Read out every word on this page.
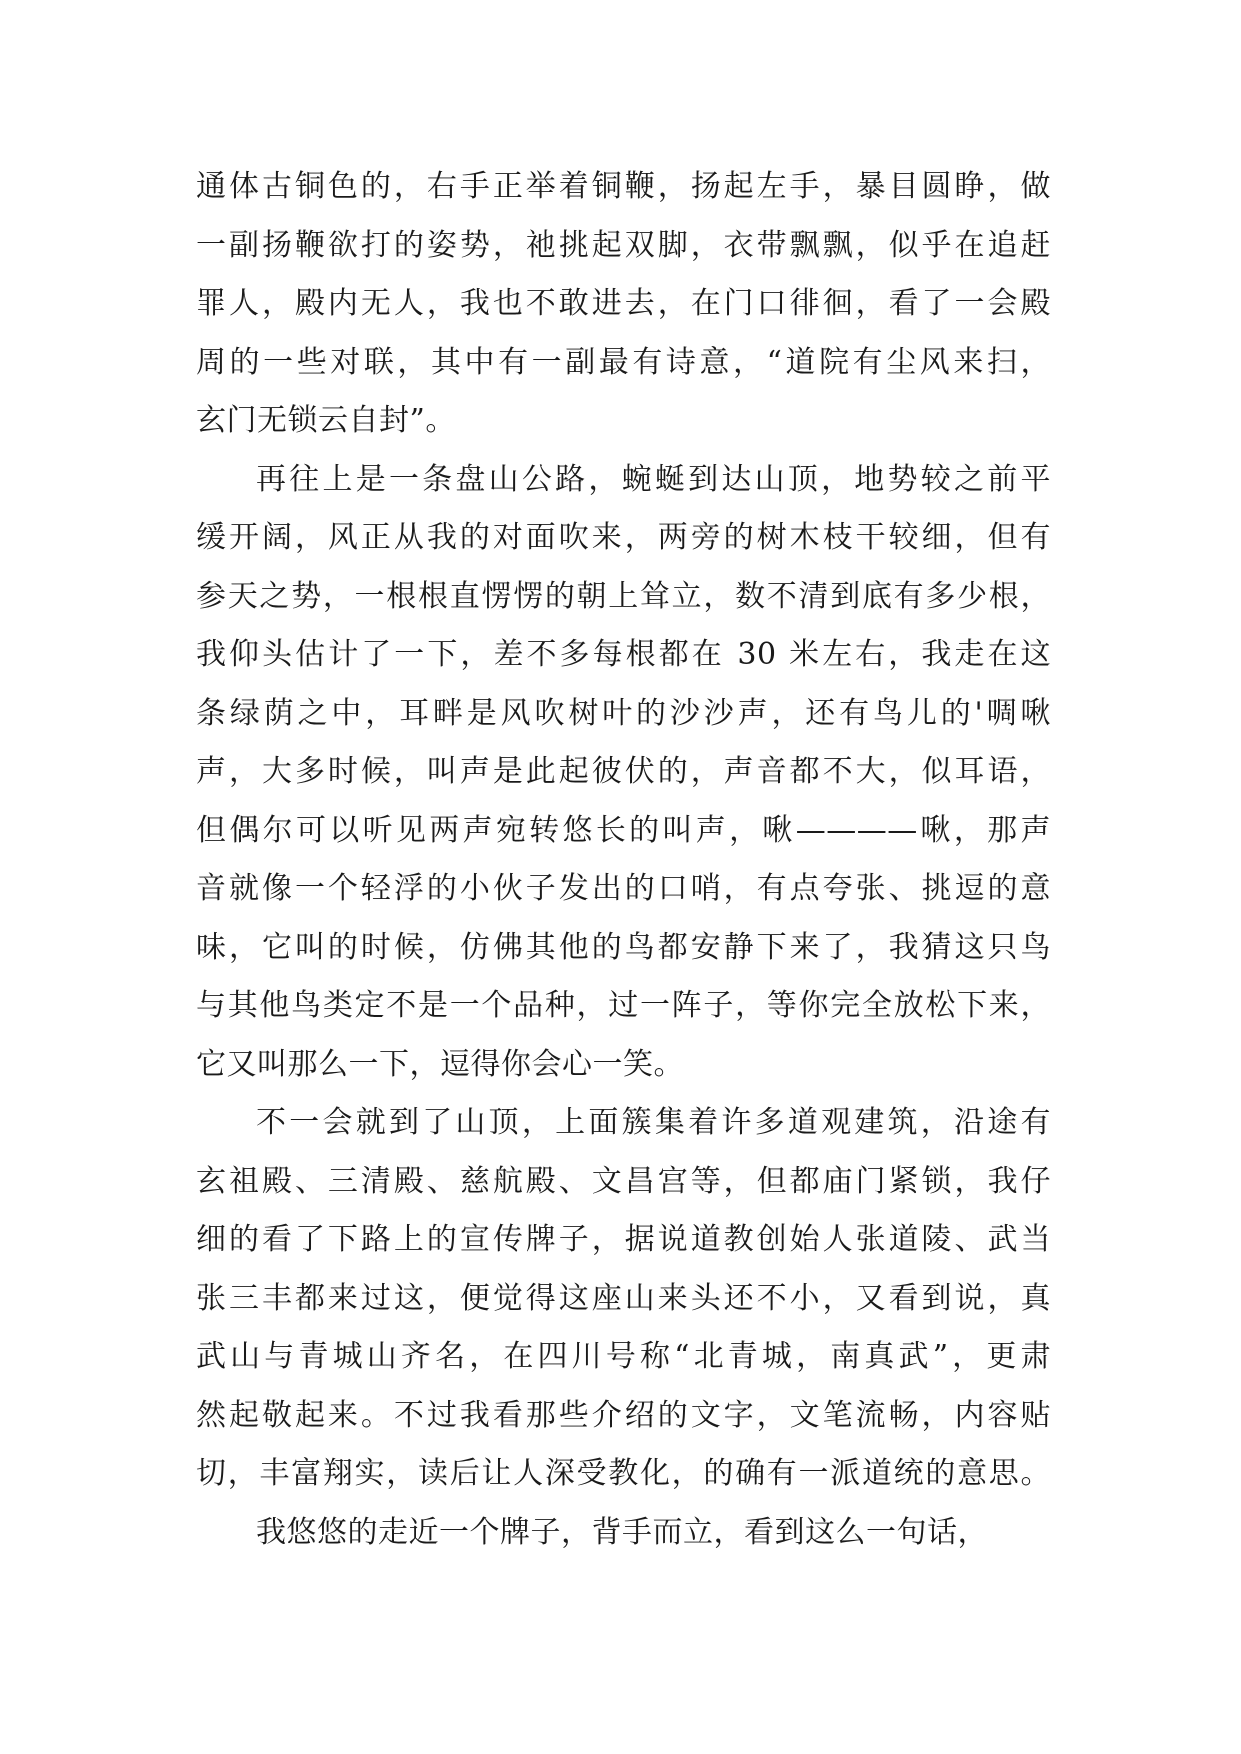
通体古铜色的，右手正举着铜鞭，扬起左手，暴目圆睁，做
一副扬鞭欲打的姿势，祂挑起双脚，衣带飘飘，似乎在追赶
罪人，殿内无人，我也不敢进去，在门口徘徊，看了一会殿
周的一些对联，其中有一副最有诗意，“道院有尘风来扫，
玄门无锁云自封”。
再往上是一条盘山公路，蜿蜒到达山顶，地势较之前平
缓开阔，风正从我的对面吹来，两旁的树木枝干较细，但有
参天之势，一根根直愣愣的朝上耸立，数不清到底有多少根，
我仰头估计了一下，差不多每根都在 30 米左右，我走在这
条绿荫之中，耳畔是风吹树叶的沙沙声，还有鸟儿的'啁啾
声，大多时候，叫声是此起彼伏的，声音都不大，似耳语，
但偶尔可以听见两声宛转悠长的叫声，啾————啾，那声
音就像一个轻浮的小伙子发出的口哨，有点夸张、挑逗的意
味，它叫的时候，仿佛其他的鸟都安静下来了，我猜这只鸟
与其他鸟类定不是一个品种，过一阵子，等你完全放松下来，
它又叫那么一下，逗得你会心一笑。
不一会就到了山顶，上面簇集着许多道观建筑，沿途有
玄祖殿、三清殿、慈航殿、文昌宫等，但都庙门紧锁，我仔
细的看了下路上的宣传牌子，据说道教创始人张道陵、武当
张三丰都来过这，便觉得这座山来头还不小，又看到说，真
武山与青城山齐名，在四川号称“北青城，南真武”，更肃
然起敬起来。不过我看那些介绍的文字，文笔流畅，内容贴
切，丰富翔实，读后让人深受教化，的确有一派道统的意思。
我悠悠的走近一个牌子，背手而立，看到这么一句话，
